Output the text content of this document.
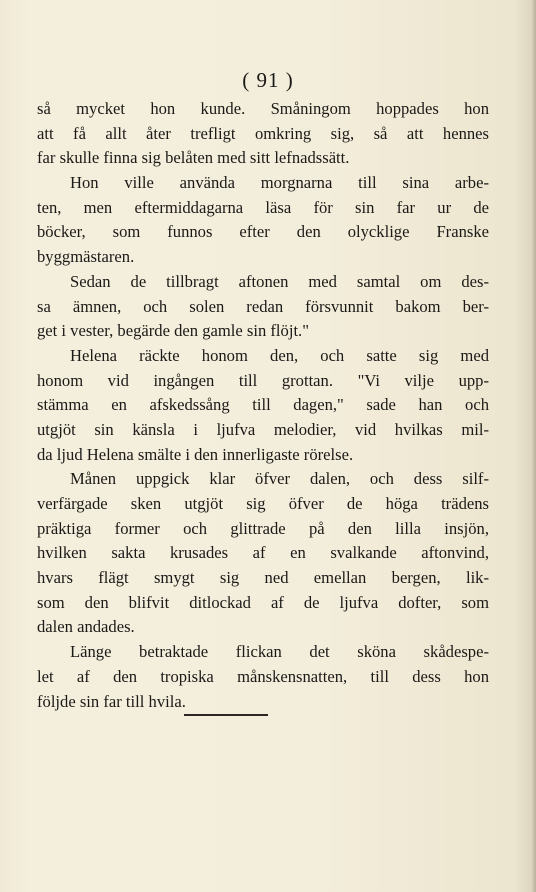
( 91 )
så mycket hon kunde. Småningom hoppades hon
att få allt åter trefligt omkring sig, så att hennes
far skulle finna sig belåten med sitt lefnadssätt.
Hon ville använda morgnarna till sina arbe-
ten, men eftermiddagarna läsa för sin far ur de
böcker, som funnos efter den olycklige Franske
byggmästaren.
Sedan de tillbragt aftonen med samtal om des-
sa ämnen, och solen redan försvunnit bakom ber-
get i vester, begärde den gamle sin flöjt."
Helena räckte honom den, och satte sig med
honom vid ingången till grottan. "Vi vilje upp-
stämma en afskedssång till dagen," sade han och
utgjöt sin känsla i ljufva melodier, vid hvilkas mil-
da ljud Helena smälte i den innerligaste rörelse.
Månen uppgick klar öfver dalen, och dess silf-
verfärgade sken utgjöt sig öfver de höga trädens
präktiga former och glittrade på den lilla insjön,
hvilken sakta krusades af en svalkande aftonvind,
hvars flägt smygt sig ned emellan bergen, lik-
som den blifvit ditlockad af de ljufva dofter, som
dalen andades.
Länge betraktade flickan det sköna skådespe-
let af den tropiska månskensnatten, till dess hon
följde sin far till hvila.
